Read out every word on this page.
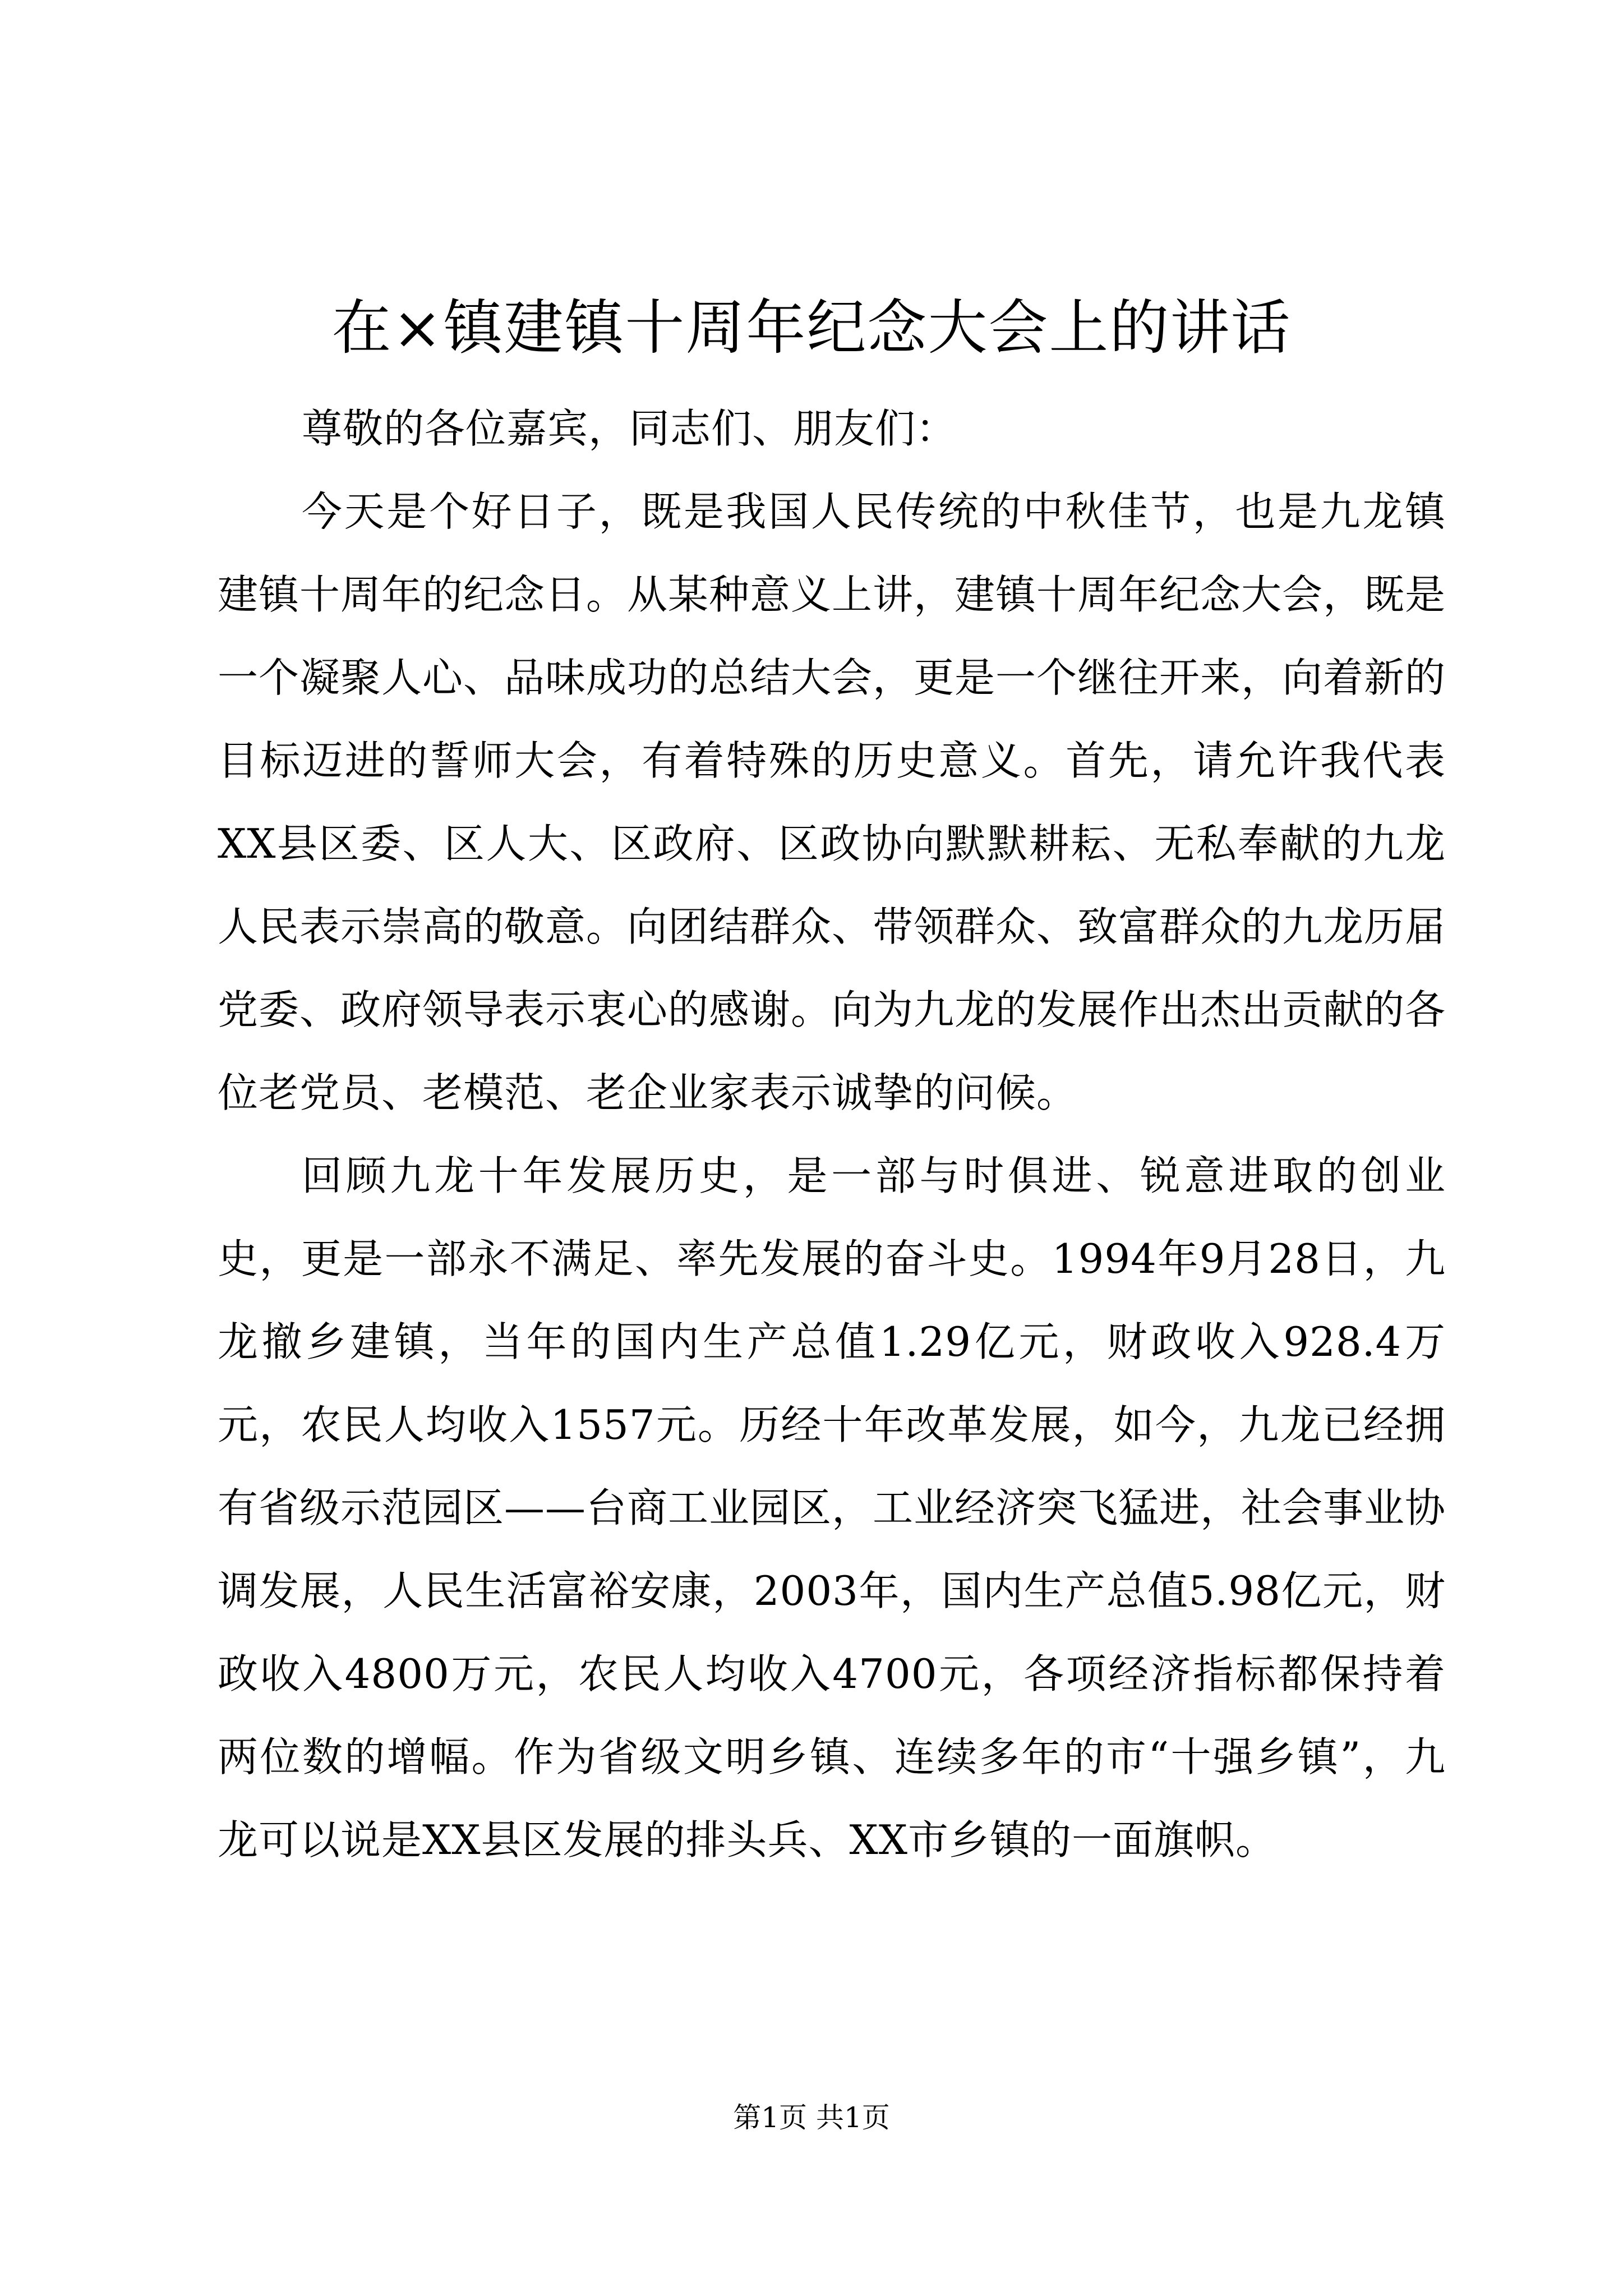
在×镇建镇十周年纪念大会上的讲话

尊敬的各位嘉宾，同志们、朋友们：

今天是个好日子，既是我国人民传统的中秋佳节，也是九龙镇建镇十周年的纪念日。从某种意义上讲，建镇十周年纪念大会，既是一个凝聚人心、品味成功的总结大会，更是一个继往开来，向着新的目标迈进的誓师大会，有着特殊的历史意义。首先，请允许我代表XX县区委、区人大、区政府、区政协向默默耕耘、无私奉献的九龙人民表示崇高的敬意。向团结群众、带领群众、致富群众的九龙历届党委、政府领导表示衷心的感谢。向为九龙的发展作出杰出贡献的各位老党员、老模范、老企业家表示诚挚的问候。

回顾九龙十年发展历史，是一部与时俱进、锐意进取的创业史，更是一部永不满足、率先发展的奋斗史。1994年9月28日，九龙撤乡建镇，当年的国内生产总值1.29亿元，财政收入928.4万元，农民人均收入1557元。历经十年改革发展，如今，九龙已经拥有省级示范园区——台商工业园区，工业经济突飞猛进，社会事业协调发展，人民生活富裕安康，2003年，国内生产总值5.98亿元，财政收入4800万元，农民人均收入4700元，各项经济指标都保持着两位数的增幅。作为省级文明乡镇、连续多年的市“十强乡镇”，九龙可以说是XX县区发展的排头兵、XX市乡镇的一面旗帜。

第1页 共1页
